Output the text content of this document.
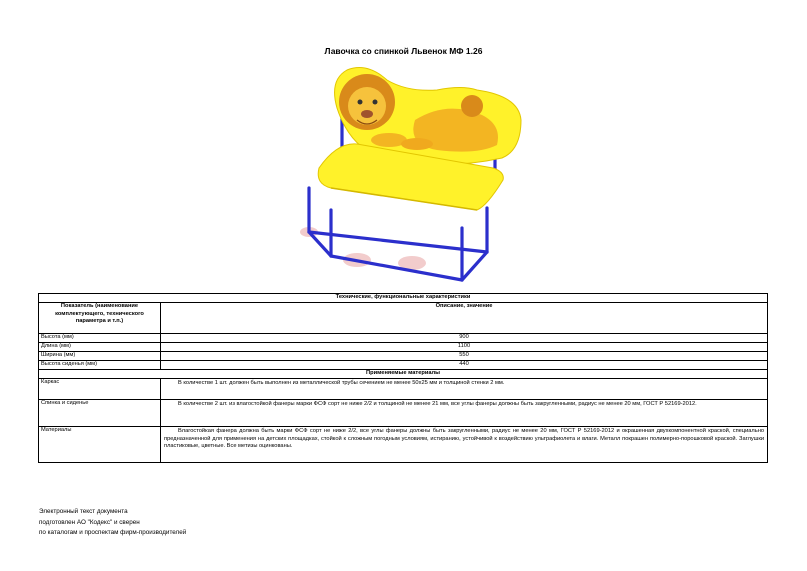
Лавочка со спинкой Львенок МФ 1.26
Технические, функциональные характеристики	
Показатель (наименование комплектующего, технического параметра и т.п.)	Описание, значение
Высота (мм)	900
Длина (мм)	1100
Ширина (мм)	550
Высота сиденья (мм)	440
Применяемые материалы	
Каркас	В количестве 1 шт. должен быть выполнен из металлической трубы сечением не менее 50х25 мм и толщиной стенки 2 мм.
Спинка и сиденье	В количестве 2 шт. из влагостойкой фанеры марки ФСФ сорт не ниже 2/2 и толщиной не менее 21 мм, все углы фанеры должны быть закругленными, радиус не менее 20 мм, ГОСТ Р 52169-2012.
Материалы	Влагостойкая фанера должна быть марки ФСФ сорт не ниже 2/2, все углы фанеры должны быть закругленными, радиус не менее 20 мм, ГОСТ Р 52169-2012 и окрашенная двухкомпонентной краской, специально предназначенной для применения на детских площадках, стойкой к сложным погодным условиям, истиранию, устойчивой к воздействию ультрафиолета и влаги. Металл покрашен полимерно-порошковой краской. Заглушки пластиковые, цветные. Все метизы оцинкованы.
Электронный текст документа
подготовлен АО "Кодекс" и сверен
по каталогам и проспектам фирм-производителей
